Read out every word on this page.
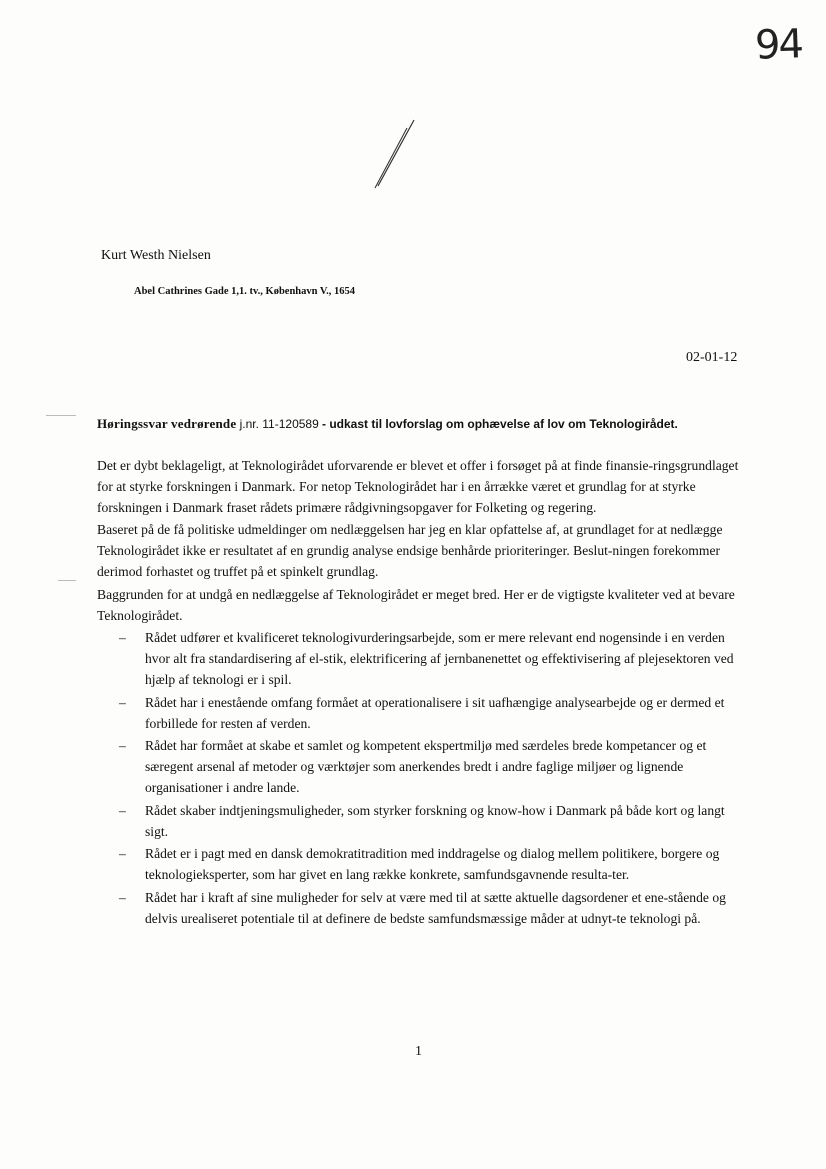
94
Kurt Westh Nielsen
Abel Cathrines Gade 1,1. tv., København V., 1654
02-01-12
Høringssvar vedrørende j.nr. 11-120589 - udkast til lovforslag om ophævelse af lov om Teknologirådet.

Det er dybt beklageligt, at Teknologirådet uforvarende er blevet et offer i forsøget på at finde finansie-ringsgrundlaget for at styrke forskningen i Danmark. For netop Teknologirådet har i en årrække været et grundlag for at styrke forskningen i Danmark fraset rådets primære rådgivningsopgaver for Folketing og regering.

Baseret på de få politiske udmeldinger om nedlæggelsen har jeg en klar opfattelse af, at grundlaget for at nedlægge Teknologirådet ikke er resultatet af en grundig analyse endsige benhårde prioriteringer. Beslut-ningen forekommer derimod forhastet og truffet på et spinkelt grundlag.

Baggrunden for at undgå en nedlæggelse af Teknologirådet er meget bred. Her er de vigtigste kvaliteter ved at bevare Teknologirådet.

– Rådet udfører et kvalificeret teknologivurderingsarbejde, som er mere relevant end nogensinde i en verden hvor alt fra standardisering af el-stik, elektrificering af jernbanenettet og effektivisering af plejesektoren ved hjælp af teknologi er i spil.
– Rådet har i enestående omfang formået at operationalisere i sit uafhængige analysearbejde og er dermed et forbillede for resten af verden.
– Rådet har formået at skabe et samlet og kompetent ekspertmiljø med særdeles brede kompetancer og et særegent arsenal af metoder og værktøjer som anerkendes bredt i andre faglige miljøer og lignende organisationer i andre lande.
– Rådet skaber indtjeningsmuligheder, som styrker forskning og know-how i Danmark på både kort og langt sigt.
– Rådet er i pagt med en dansk demokratitradition med inddragelse og dialog mellem politikere, borgere og teknologieksperter, som har givet en lang række konkrete, samfundsgavnende resulta-ter.
– Rådet har i kraft af sine muligheder for selv at være med til at sætte aktuelle dagsordener et ene-stående og delvis urealiseret potentiale til at definere de bedste samfundsmæssige måder at udnyt-te teknologi på.
1
